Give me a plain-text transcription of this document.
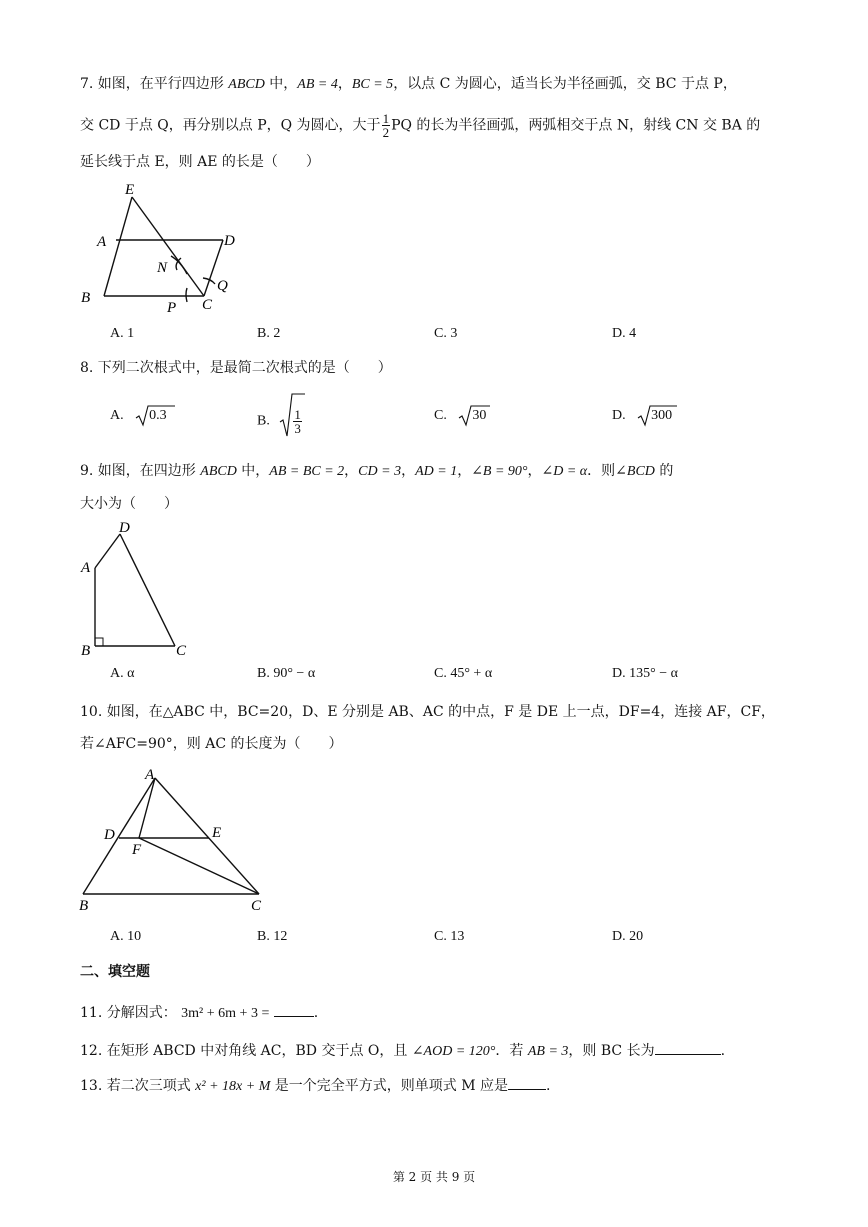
7. 如图，在平行四边形 ABCD 中，AB = 4，BC = 5，以点 C 为圆心，适当长为半径画弧，交 BC 于点 P，
交 CD 于点 Q，再分别以点 P，Q 为圆心，大于 $\frac{1}{2}$ PQ 的长为半径画弧，两弧相交于点 N，射线 CN 交 BA 的
延长线于点 E，则 AE 的长是（　　）
E
A	D
N
Q
B
P C
A. 1	B. 2	C. 3	D. 4
8. 下列二次根式中，是最简二次根式的是（　　）
A. 0.3	B. $\frac{1}{3}$	C. 30	D. 300
9. 如图，在四边形 ABCD 中，AB = BC = 2，CD = 3，AD = 1，∠B = 90°，∠D = α．则∠BCD 的
大小为（　　）
D
A
B	C
A. α	B. 90° − α	C. 45° + α	D. 135° − α
10. 如图，在△ABC 中，BC=20，D、E 分别是 AB、AC 的中点，F 是 DE 上一点，DF=4，连接 AF，CF，
若∠AFC=90°，则 AC 的长度为（　　）
A
D	E
F
B	C
A. 10	B. 12	C. 13	D. 20
二、填空题
11. 分解因式： 3m² + 6m + 3 =	.
12. 在矩形 ABCD 中对角线 AC，BD 交于点 O，且 ∠AOD = 120°．若 AB = 3，则 BC 长为	.
13. 若二次三项式 x² + 18x + M 是一个完全平方式，则单项式 M 应是	.
第 2 页 共 9 页
